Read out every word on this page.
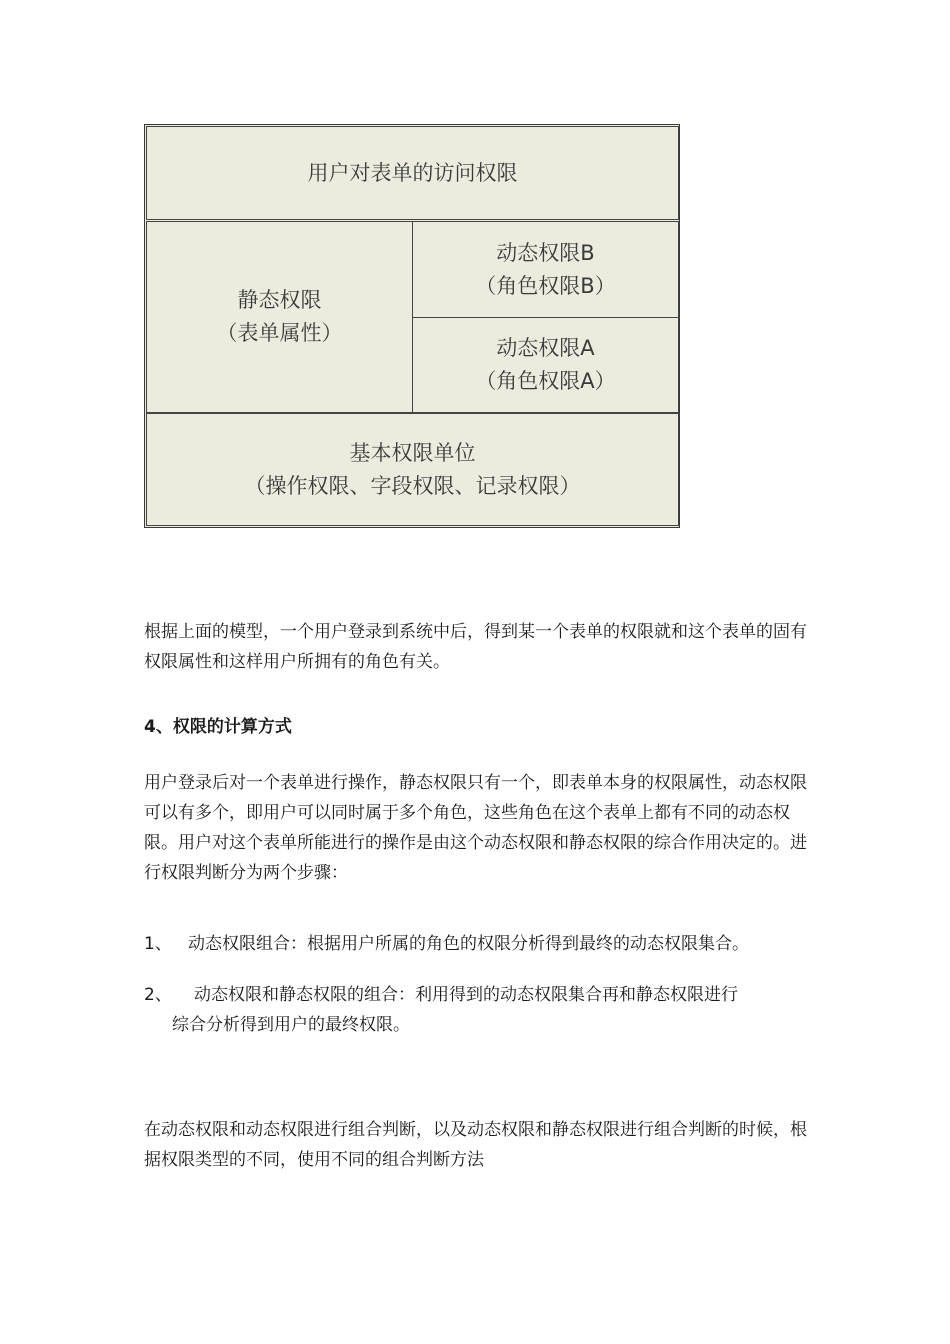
用户对表单的访问权限
静态权限
（表单属性）
动态权限B
（角色权限B）
动态权限A
（角色权限A）
基本权限单位
（操作权限、字段权限、记录权限）

根据上面的模型，一个用户登录到系统中后，得到某一个表单的权限就和这个表单的固有权限属性和这样用户所拥有的角色有关。

4、权限的计算方式

用户登录后对一个表单进行操作，静态权限只有一个，即表单本身的权限属性，动态权限可以有多个，即用户可以同时属于多个角色，这些角色在这个表单上都有不同的动态权限。用户对这个表单所能进行的操作是由这个动态权限和静态权限的综合作用决定的。进行权限判断分为两个步骤：

1、 动态权限组合：根据用户所属的角色的权限分析得到最终的动态权限集合。

2、 动态权限和静态权限的组合：利用得到的动态权限集合再和静态权限进行
综合分析得到用户的最终权限。

在动态权限和动态权限进行组合判断，以及动态权限和静态权限进行组合判断的时候，根据权限类型的不同，使用不同的组合判断方法
